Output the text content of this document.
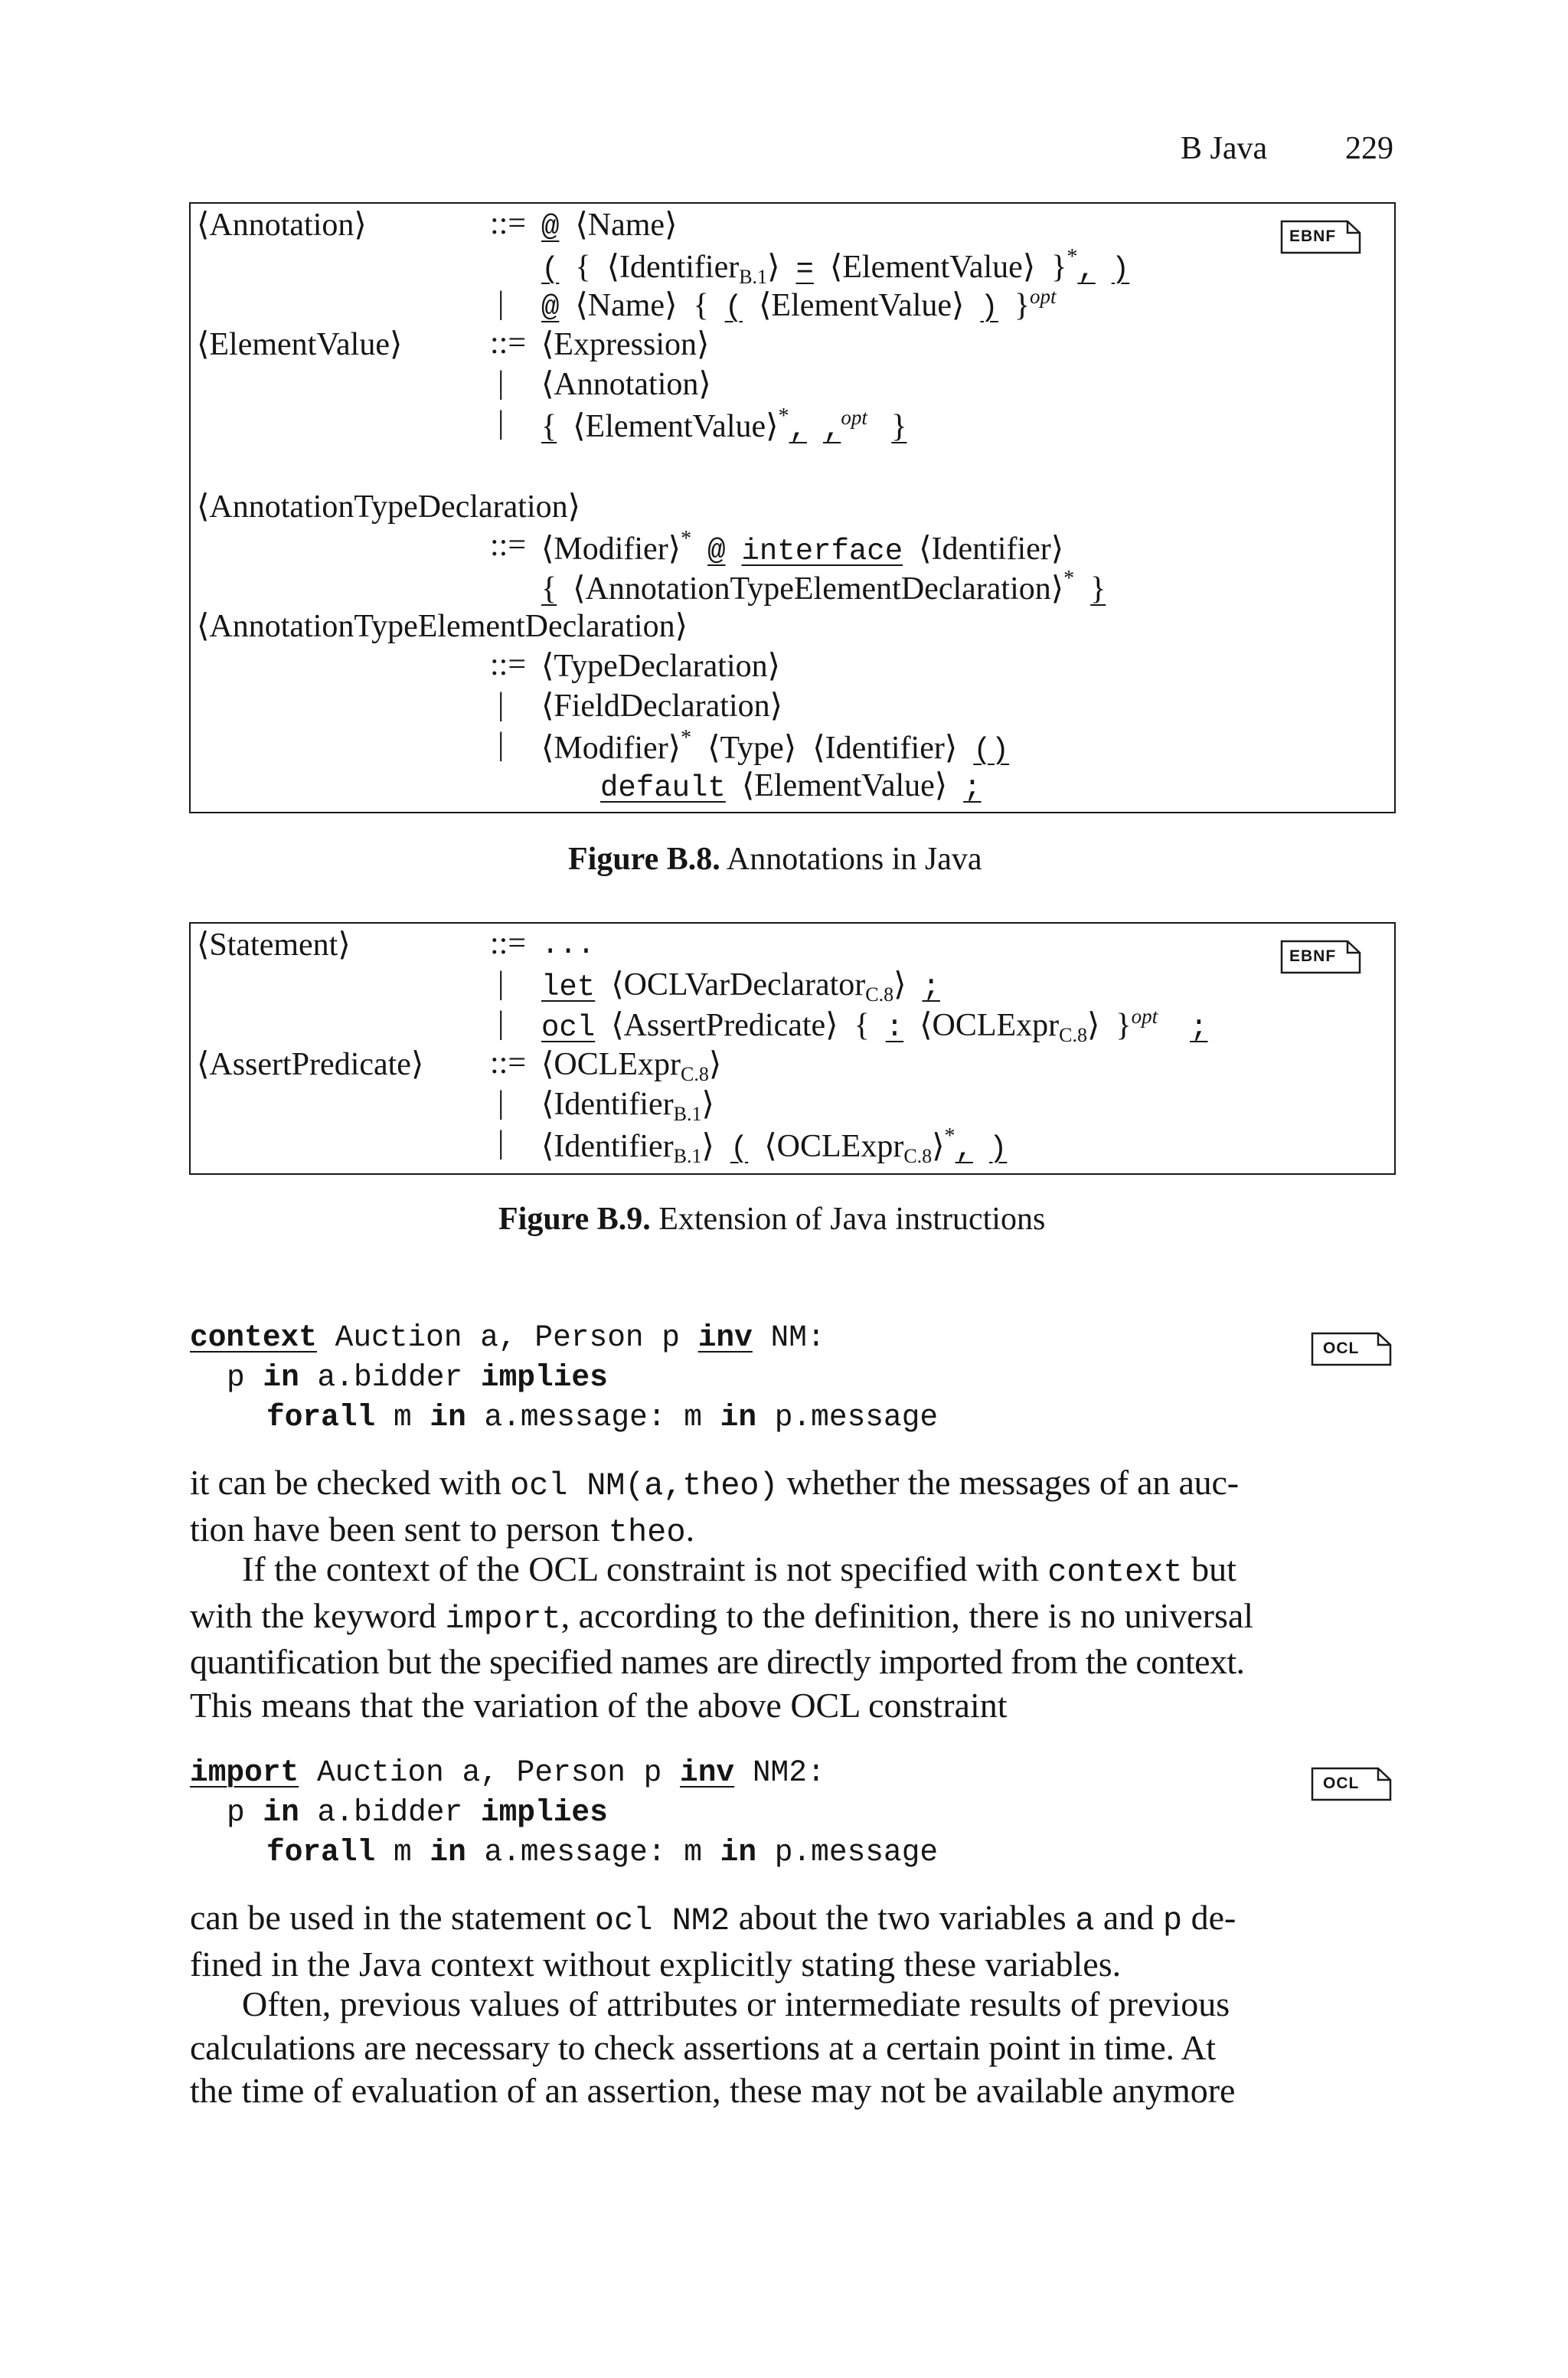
B Java 229
EBNF
⟨Annotation⟩	::= @ ⟨Name⟩
( { ⟨Identifier$_{B.1}$⟩ = ⟨ElementValue⟩ }*, )
| @ ⟨Name⟩ { ( ⟨ElementValue⟩ ) }$^{opt}$
⟨ElementValue⟩	::= ⟨Expression⟩
| ⟨Annotation⟩
| { ⟨ElementValue⟩*, ,$^{opt}$ }
⟨AnnotationTypeDeclaration⟩
::= ⟨Modifier⟩* @ interface ⟨Identifier⟩
{ ⟨AnnotationTypeElementDeclaration⟩* }
⟨AnnotationTypeElementDeclaration⟩
::= ⟨TypeDeclaration⟩
| ⟨FieldDeclaration⟩
| ⟨Modifier⟩* ⟨Type⟩ ⟨Identifier⟩ ()
default ⟨ElementValue⟩ ;
Figure B.8. Annotations in Java
EBNF
⟨Statement⟩	::= ...
| let ⟨OCLVarDeclarator$_{C.8}$⟩ ;
| ocl ⟨AssertPredicate⟩ { : ⟨OCLExpr$_{C.8}$⟩ }$^{opt}$ ;
⟨AssertPredicate⟩ ::= ⟨OCLExpr$_{C.8}$⟩
| ⟨Identifier$_{B.1}$⟩
| ⟨Identifier$_{B.1}$⟩ ( ⟨OCLExpr$_{C.8}$⟩*, )
Figure B.9. Extension of Java instructions
OCL
context Auction a, Person p inv NM:
p in a.bidder implies
forall m in a.message: m in p.message
it can be checked with ocl NM(a,theo) whether the messages of an auc-
tion have been sent to person theo.
If the context of the OCL constraint is not specified with context but
with the keyword import, according to the definition, there is no universal
quantification but the specified names are directly imported from the context.
This means that the variation of the above OCL constraint
OCL
import Auction a, Person p inv NM2:
p in a.bidder implies
forall m in a.message: m in p.message
can be used in the statement ocl NM2 about the two variables a and p de-
fined in the Java context without explicitly stating these variables.
Often, previous values of attributes or intermediate results of previous
calculations are necessary to check assertions at a certain point in time. At
the time of evaluation of an assertion, these may not be available anymore
